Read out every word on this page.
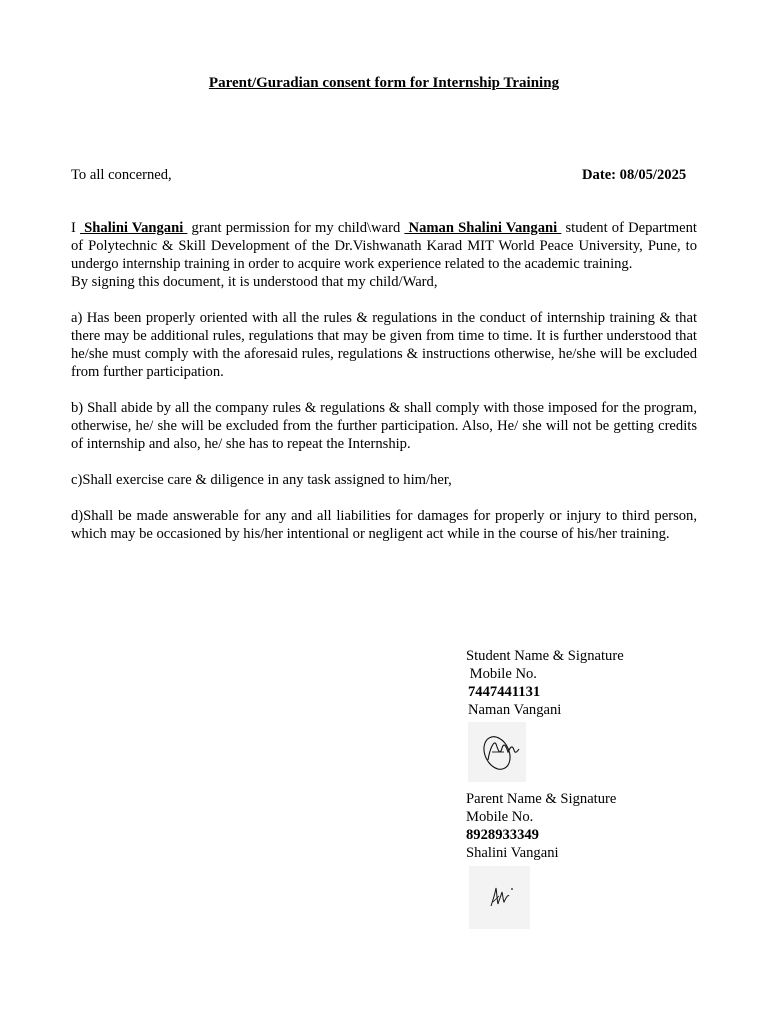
Parent/Guradian consent form for Internship Training
To all concerned,	Date: 08/05/2025

I  Shalini Vangani  grant permission for my child\ward  Naman Shalini Vangani  student of Department of Polytechnic & Skill Development of the Dr.Vishwanath Karad MIT World Peace University, Pune, to undergo internship training in order to acquire work experience related to the academic training.

By signing this document, it is understood that my child/Ward,

a) Has been properly oriented with all the rules & regulations in the conduct of internship training & that there may be additional rules, regulations that may be given from time to time. It is further understood that he/she must comply with the aforesaid rules, regulations & instructions otherwise, he/she will be excluded from further participation.

b) Shall abide by all the company rules & regulations & shall comply with those imposed for the program, otherwise, he/ she will be excluded from the further participation. Also, He/ she will not be getting credits of internship and also, he/ she has to repeat the Internship.

c)Shall exercise care & diligence in any task assigned to him/her,

d)Shall be made answerable for any and all liabilities for damages for properly or injury to third person, which may be occasioned by his/her intentional or negligent act while in the course of his/her training.

Student Name & Signature

Mobile No.

7447441131

Naman Vangani

Parent Name & Signature

Mobile No.

8928933349

Shalini Vangani
